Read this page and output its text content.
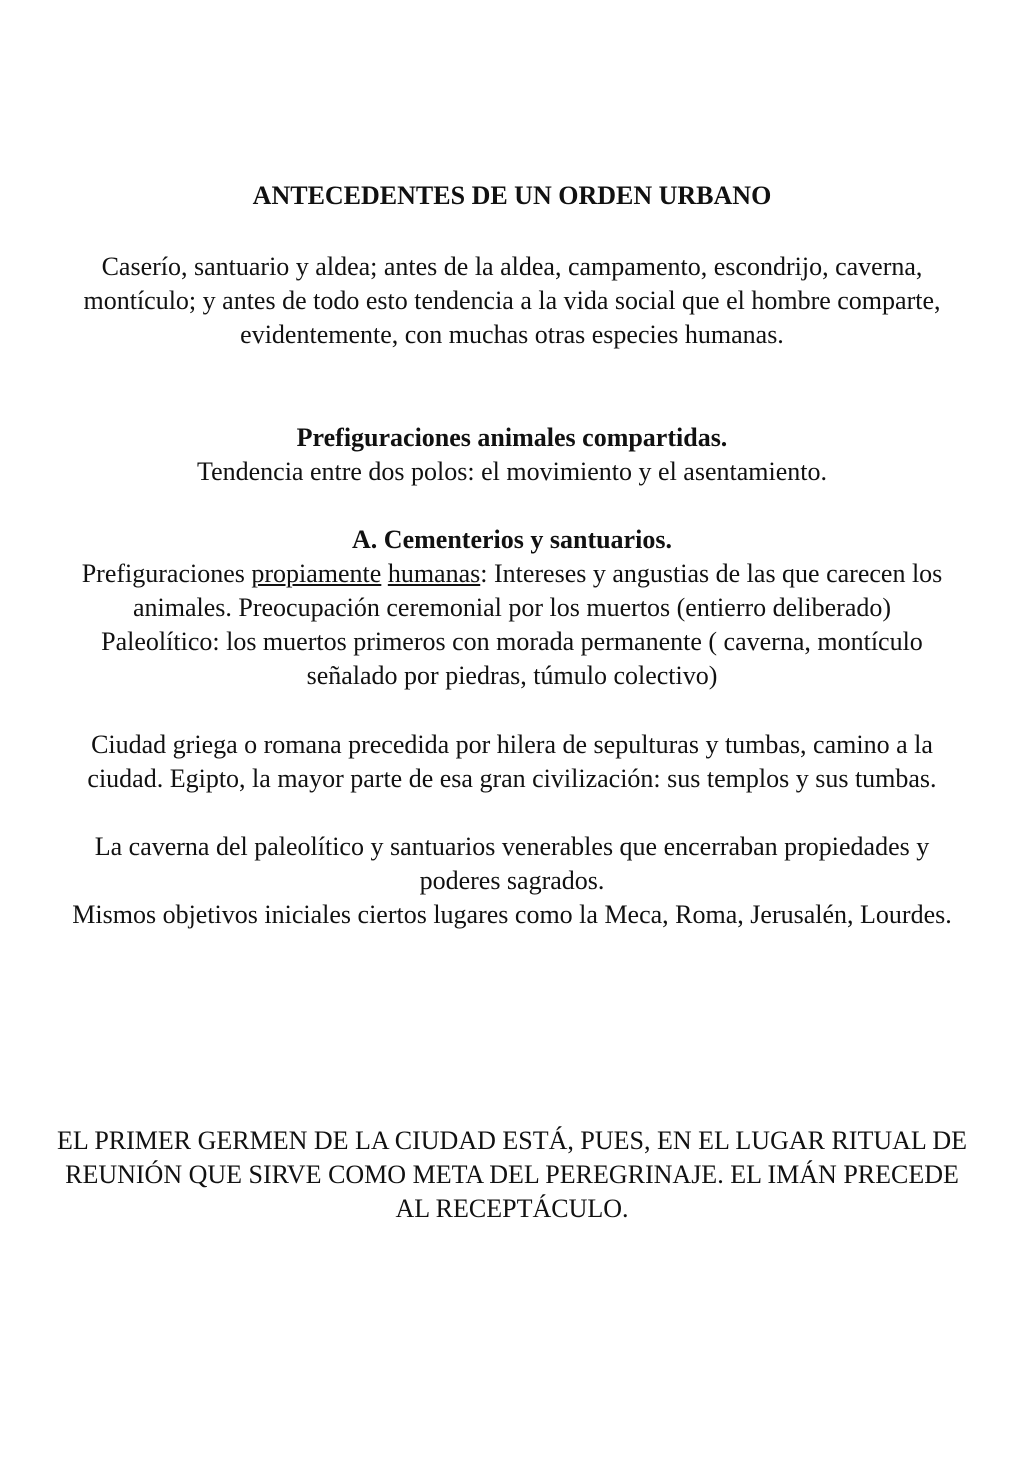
ANTECEDENTES DE UN ORDEN URBANO
Caserío, santuario y aldea; antes de la aldea, campamento, escondrijo, caverna,
montículo; y antes de todo esto tendencia a la vida social que el hombre comparte,
evidentemente, con muchas otras especies humanas.
Prefiguraciones animales compartidas.
Tendencia entre dos polos: el movimiento y el asentamiento.
A. Cementerios y santuarios.
Prefiguraciones propiamente humanas: Intereses y angustias de las que carecen los
animales. Preocupación ceremonial por los muertos (entierro deliberado)
Paleolítico: los muertos primeros con morada permanente ( caverna, montículo
señalado por piedras, túmulo colectivo)
Ciudad griega o romana precedida por hilera de sepulturas y tumbas, camino a la
ciudad. Egipto, la mayor parte de esa gran civilización: sus templos y sus tumbas.
La caverna del paleolítico y santuarios venerables que encerraban propiedades y
poderes sagrados.
Mismos objetivos iniciales ciertos lugares como la Meca, Roma, Jerusalén, Lourdes.
EL PRIMER GERMEN DE LA CIUDAD ESTÁ, PUES, EN EL LUGAR RITUAL DE
REUNIÓN QUE SIRVE COMO META DEL PEREGRINAJE. EL IMÁN PRECEDE
AL RECEPTÁCULO.
